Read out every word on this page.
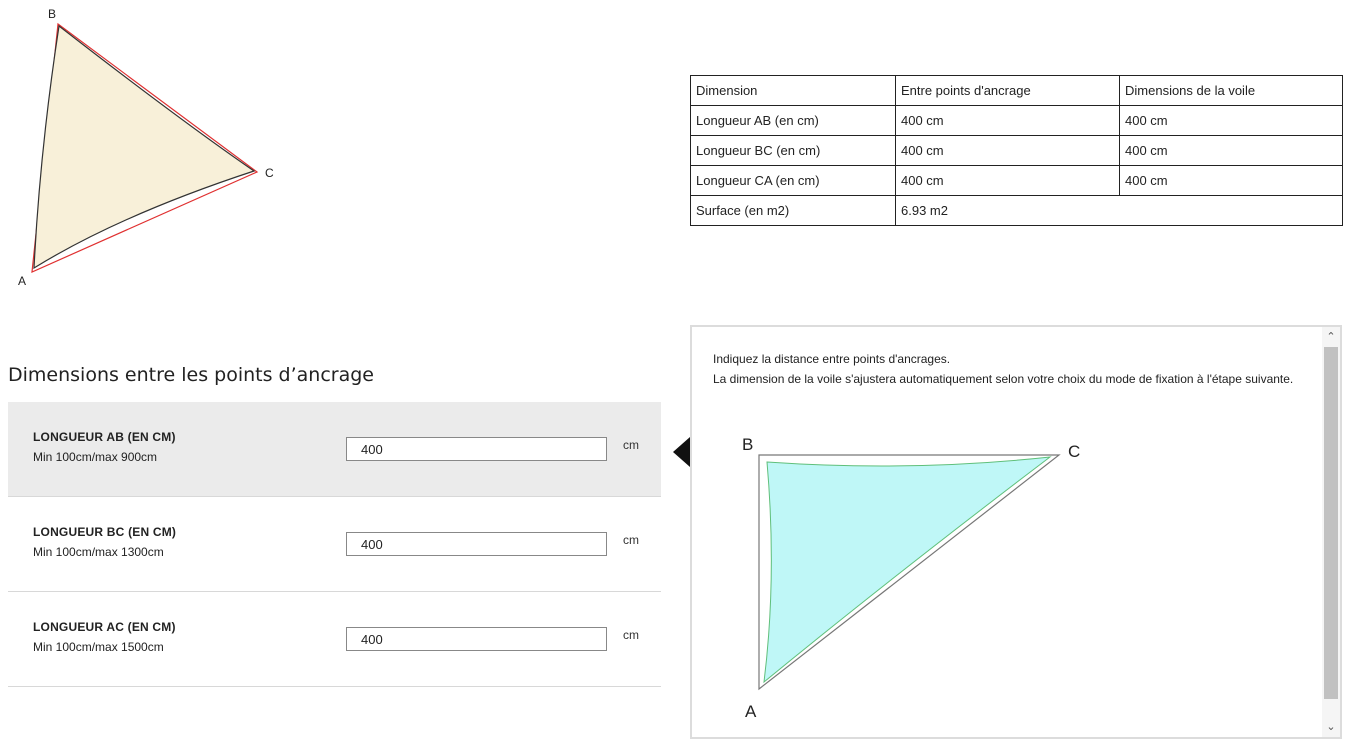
B
C
A
Dimension	Entre points d'ancrage	Dimensions de la voile
Longueur AB (en cm)	400 cm	400 cm
Longueur BC (en cm)	400 cm	400 cm
Longueur CA (en cm)	400 cm	400 cm
Surface (en m2)	6.93 m2	
Dimensions entre les points d’ancrage
LONGUEUR AB (EN CM)
Min 100cm/max 900cm
400
cm
LONGUEUR BC (EN CM)
Min 100cm/max 1300cm
400
cm
LONGUEUR AC (EN CM)
Min 100cm/max 1500cm
400
cm

Indiquez la distance entre points d'ancrages.

La dimension de la voile s'ajustera automatiquement selon votre choix du mode de fixation à l'étape suivante.

B	C
A
⌃
⌄
